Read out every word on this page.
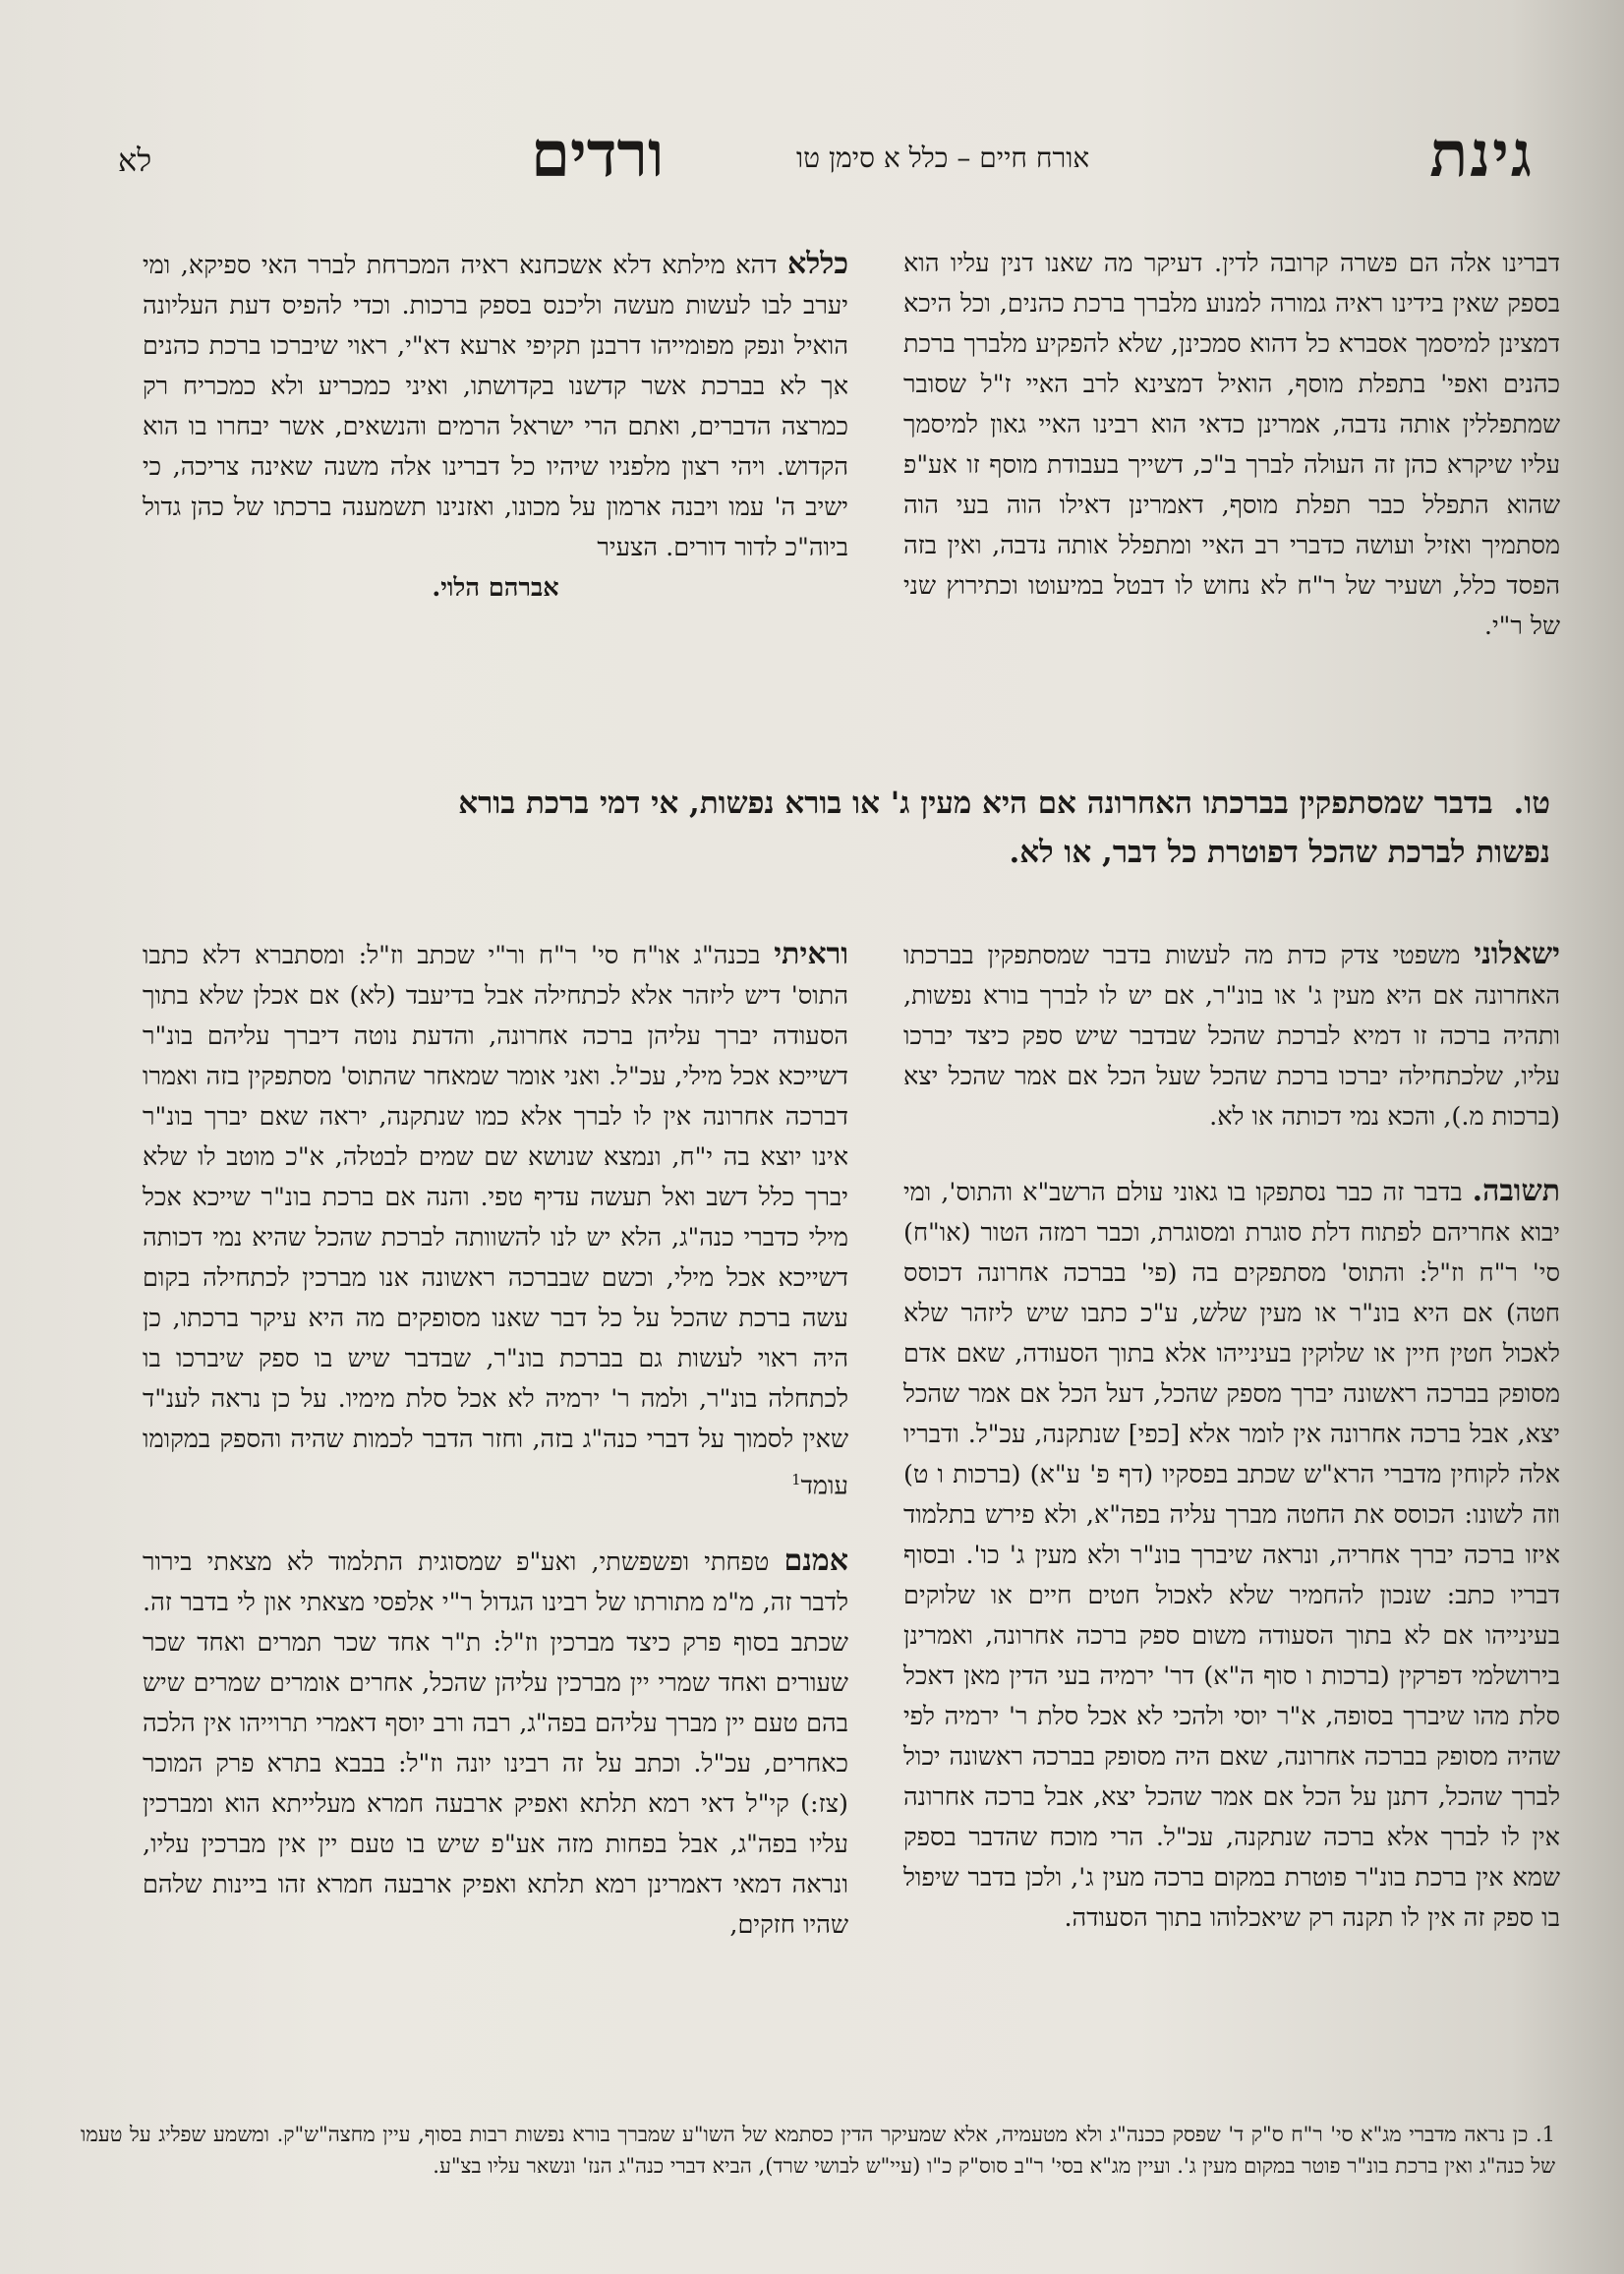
גינת
ורדים	אורח חיים – כלל א סימן טו
לא

דברינו אלה הם פשרה קרובה לדין. דעיקר מה שאנו דנין עליו הוא בספק שאין בידינו ראיה גמורה למנוע מלברך ברכת כהנים, וכל היכא דמצינן למיסמך אסברא כל דהוא סמכינן, שלא להפקיע מלברך ברכת כהנים ואפי' בתפלת מוסף, הואיל דמצינא לרב האיי ז"ל שסובר שמתפללין אותה נדבה, אמרינן כדאי הוא רבינו האיי גאון למיסמך עליו שיקרא כהן זה העולה לברך ב"כ, דשייך בעבודת מוסף זו אע"פ שהוא התפלל כבר תפלת מוסף, דאמרינן דאילו הוה בעי הוה מסתמיך ואזיל ועושה כדברי רב האיי ומתפלל אותה נדבה, ואין בזה הפסד כלל, ושעיר של ר"ח לא נחוש לו דבטל במיעוטו וכתירוץ שני של ר"י.

כללא דהא מילתא דלא אשכחנא ראיה המכרחת לברר האי ספיקא, ומי יערב לבו לעשות מעשה וליכנס בספק ברכות. וכדי להפיס דעת העליונה הואיל ונפק מפומייהו דרבנן תקיפי ארעא דא"י, ראוי שיברכו ברכת כהנים אך לא בברכת אשר קדשנו בקדושתו, ואיני כמכריע ולא כמכריח רק כמרצה הדברים, ואתם הרי ישראל הרמים והנשאים, אשר יבחרו בו הוא הקדוש. ויהי רצון מלפניו שיהיו כל דברינו אלה משנה שאינה צריכה, כי ישיב ה' עמו ויבנה ארמון על מכונו, ואזנינו תשמענה ברכתו של כהן גדול ביוה"כ לדור דורים. הצעיר
אברהם הלוי.

טו. בדבר שמסתפקין בברכתו האחרונה אם היא מעין ג' או בורא נפשות, אי דמי ברכת בורא נפשות לברכת שהכל דפוטרת כל דבר, או לא.

ישאלוני משפטי צדק כדת מה לעשות בדבר שמסתפקין בברכתו האחרונה אם היא מעין ג' או בונ"ר, אם יש לו לברך בורא נפשות, ותהיה ברכה זו דמיא לברכת שהכל שבדבר שיש ספק כיצד יברכו עליו, שלכתחילה יברכו ברכת שהכל שעל הכל אם אמר שהכל יצא (ברכות מ.), והכא נמי דכותה או לא.

תשובה. בדבר זה כבר נסתפקו בו גאוני עולם הרשב"א והתוס', ומי יבוא אחריהם לפתוח דלת סוגרת ומסוגרת, וכבר רמזה הטור (או"ח) סי' ר"ח וז"ל: והתוס' מסתפקים בה (פי' בברכה אחרונה דכוסס חטה) אם היא בונ"ר או מעין שלש, ע"כ כתבו שיש ליזהר שלא לאכול חטין חיין או שלוקין בעינייהו אלא בתוך הסעודה, שאם אדם מסופק בברכה ראשונה יברך מספק שהכל, דעל הכל אם אמר שהכל יצא, אבל ברכה אחרונה אין לומר אלא [כפי] שנתקנה, עכ"ל. ודבריו אלה לקוחין מדברי הרא"ש שכתב בפסקיו (דף פ' ע"א) (ברכות ו ט) וזה לשונו: הכוסס את החטה מברך עליה בפה"א, ולא פירש בתלמוד איזו ברכה יברך אחריה, ונראה שיברך בונ"ר ולא מעין ג' כו'. ובסוף דבריו כתב: שנכון להחמיר שלא לאכול חטים חיים או שלוקים בעינייהו אם לא בתוך הסעודה משום ספק ברכה אחרונה, ואמרינן בירושלמי דפרקין (ברכות ו סוף ה"א) דר' ירמיה בעי הדין מאן דאכל סלת מהו שיברך בסופה, א"ר יוסי ולהכי לא אכל סלת ר' ירמיה לפי שהיה מסופק בברכה אחרונה, שאם היה מסופק בברכה ראשונה יכול לברך שהכל, דתנן על הכל אם אמר שהכל יצא, אבל ברכה אחרונה אין לו לברך אלא ברכה שנתקנה, עכ"ל. הרי מוכח שהדבר בספק שמא אין ברכת בונ"ר פוטרת במקום ברכה מעין ג', ולכן בדבר שיפול בו ספק זה אין לו תקנה רק שיאכלוהו בתוך הסעודה.

וראיתי בכנה"ג או"ח סי' ר"ח ור"י שכתב וז"ל: ומסתברא דלא כתבו התוס' דיש ליזהר אלא לכתחילה אבל בדיעבד (לא) אם אכלן שלא בתוך הסעודה יברך עליהן ברכה אחרונה, והדעת נוטה דיברך עליהם בונ"ר דשייכא אכל מילי, עכ"ל. ואני אומר שמאחר שהתוס' מסתפקין בזה ואמרו דברכה אחרונה אין לו לברך אלא כמו שנתקנה, יראה שאם יברך בונ"ר אינו יוצא בה י"ח, ונמצא שנושא שם שמים לבטלה, א"כ מוטב לו שלא יברך כלל דשב ואל תעשה עדיף טפי. והנה אם ברכת בונ"ר שייכא אכל מילי כדברי כנה"ג, הלא יש לנו להשוותה לברכת שהכל שהיא נמי דכותה דשייכא אכל מילי, וכשם שבברכה ראשונה אנו מברכין לכתחילה בקום עשה ברכת שהכל על כל דבר שאנו מסופקים מה היא עיקר ברכתו, כן היה ראוי לעשות גם בברכת בונ"ר, שבדבר שיש בו ספק שיברכו בו לכתחלה בונ"ר, ולמה ר' ירמיה לא אכל סלת מימיו. על כן נראה לענ"ד שאין לסמוך על דברי כנה"ג בזה, וחזר הדבר לכמות שהיה והספק במקומו עומד$^1$

אמנם טפחתי ופשפשתי, ואע"פ שמסוגית התלמוד לא מצאתי בירור לדבר זה, מ"מ מתורתו של רבינו הגדול ר"י אלפסי מצאתי און לי בדבר זה. שכתב בסוף פרק כיצד מברכין וז"ל: ת"ר אחד שכר תמרים ואחד שכר שעורים ואחד שמרי יין מברכין עליהן שהכל, אחרים אומרים שמרים שיש בהם טעם יין מברך עליהם בפה"ג, רבה ורב יוסף דאמרי תרוייהו אין הלכה כאחרים, עכ"ל. וכתב על זה רבינו יונה וז"ל: בבבא בתרא פרק המוכר (צז:) קי"ל דאי רמא תלתא ואפיק ארבעה חמרא מעלייתא הוא ומברכין עליו בפה"ג, אבל בפחות מזה אע"פ שיש בו טעם יין אין מברכין עליו, ונראה דמאי דאמרינן רמא תלתא ואפיק ארבעה חמרא זהו ביינות שלהם שהיו חזקים,

1. כן נראה מדברי מג"א סי' ר"ח ס"ק ד' שפסק ככנה"ג ולא מטעמיה, אלא שמעיקר הדין כסתמא של השו"ע שמברך בורא נפשות רבות בסוף, עיין מחצה"ש"ק. ומשמע שפליג על טעמו של כנה"ג ואין ברכת בונ"ר פוטר במקום מעין ג'. ועיין מג"א בסי' ר"ב סוס"ק כ"ו (עיי"ש לבושי שרד), הביא דברי כנה"ג הנז' ונשאר עליו בצ"ע.
